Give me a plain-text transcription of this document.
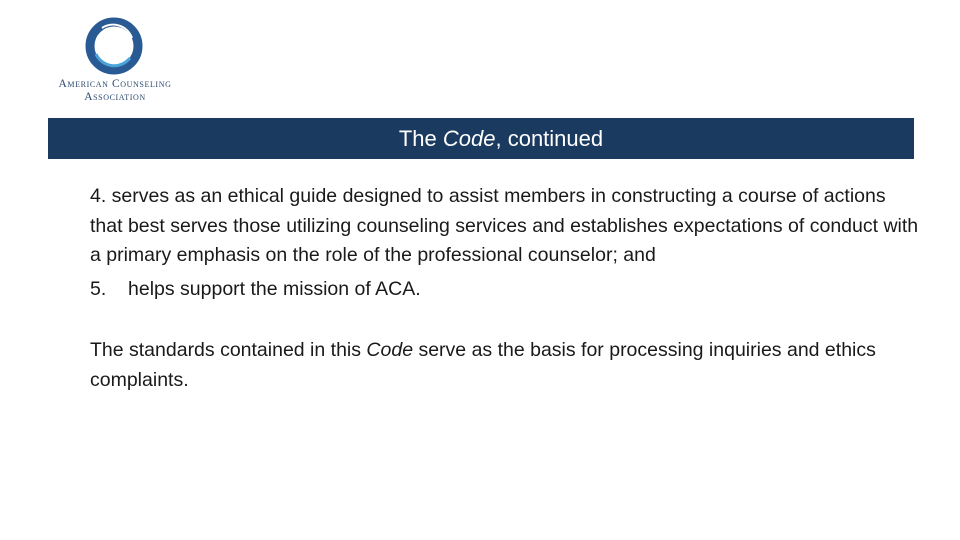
American Counseling
Association
The Code, continued

4. serves as an ethical guide designed to assist members in constructing a course of actions that best serves those utilizing counseling services and establishes expectations of conduct with a primary emphasis on the role of the professional counselor; and

5. helps support the mission of ACA.

The standards contained in this Code serve as the basis for processing inquiries and ethics complaints.
